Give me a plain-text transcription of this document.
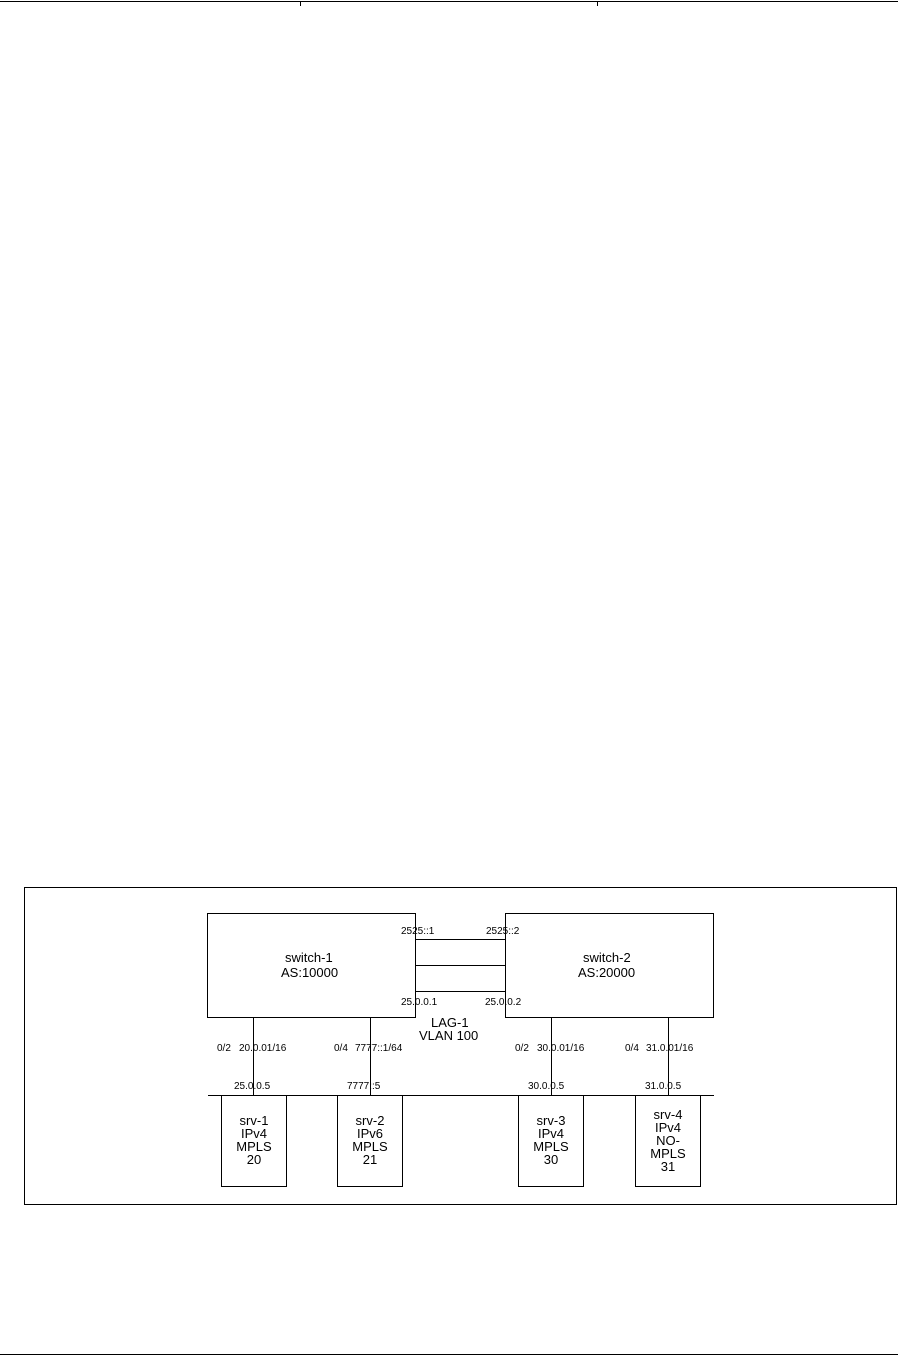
switch-1
AS:10000
switch-2
AS:20000
2525::1	2525::2
25.0.0.1	25.0.0.2
LAG-1
VLAN 100
0/2 20.0.01/16	0/4 7777::1/64	0/2 30.0.01/16	0/4 31.0.01/16
25.0.0.5	7777::5	30.0.0.5	31.0.0.5
srv-1
IPv4
MPLS
20
srv-2
IPv6
MPLS
21
srv-3
IPv4
MPLS
30
srv-4
IPv4
NO-
MPLS
31
